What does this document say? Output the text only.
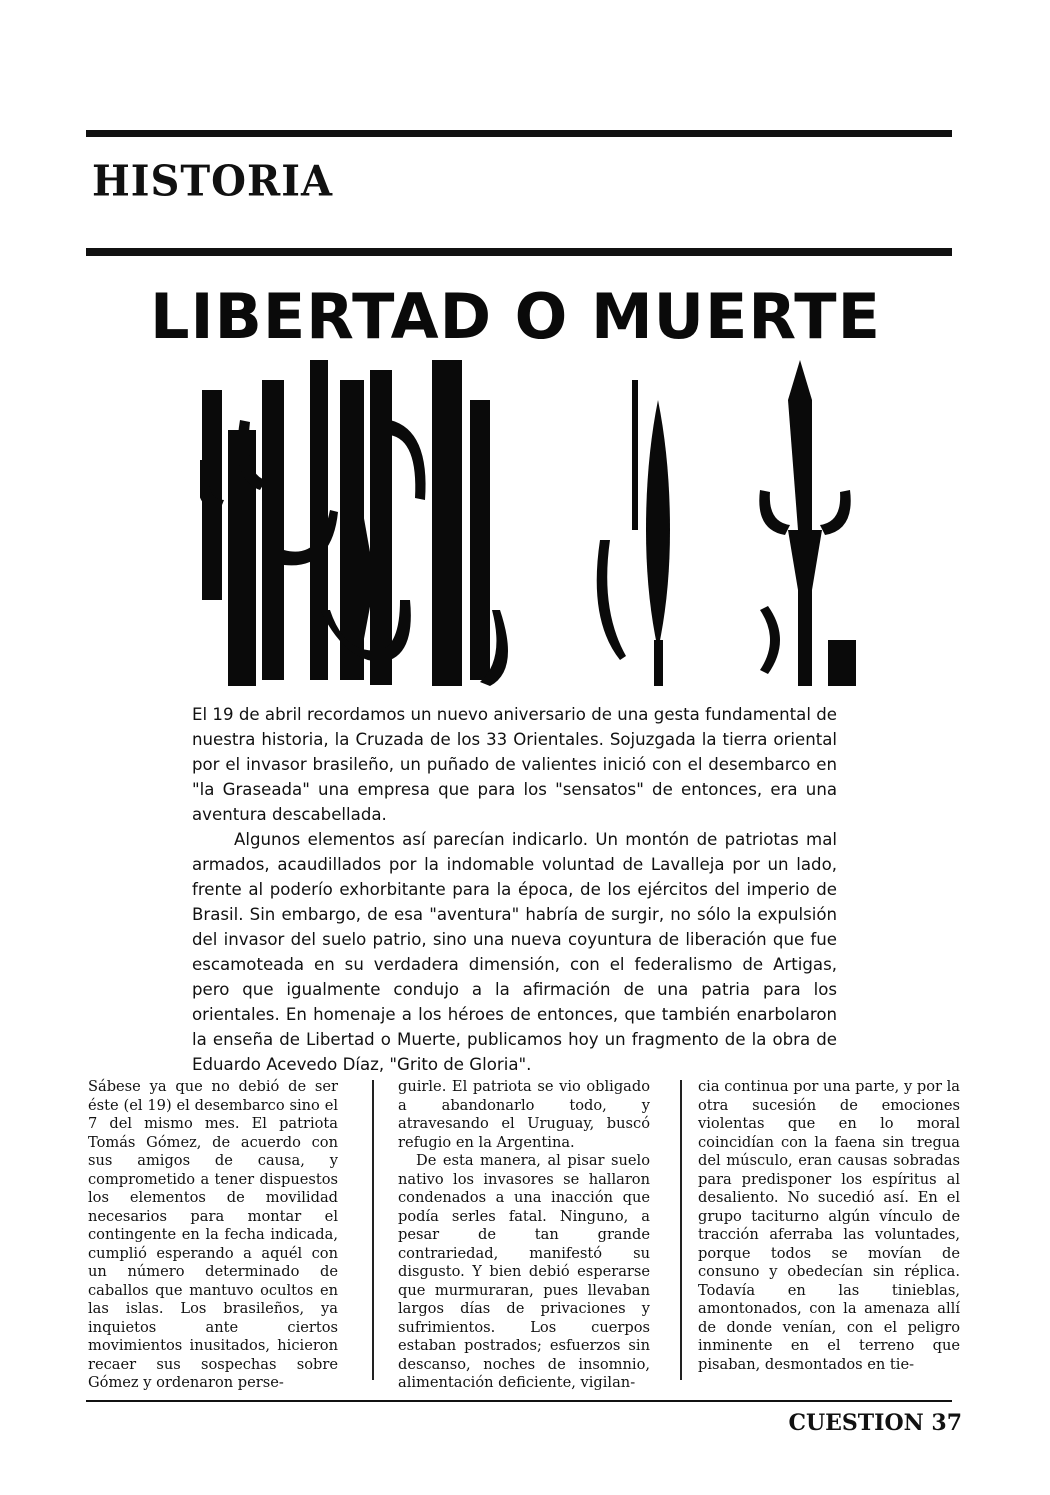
HISTORIA
LIBERTAD O MUERTE

El 19 de abril recordamos un nuevo aniversario de una gesta fundamental de nuestra historia, la Cruzada de los 33 Orientales. Sojuzgada la tierra oriental por el invasor brasileño, un puñado de valientes inició con el desembarco en "la Graseada" una empresa que para los "sensatos" de entonces, era una aventura descabellada.

Algunos elementos así parecían indicarlo. Un montón de patriotas mal armados, acaudillados por la indomable voluntad de Lavalleja por un lado, frente al poderío exhorbitante para la época, de los ejércitos del imperio de Brasil. Sin embargo, de esa "aventura" habría de surgir, no sólo la expulsión del invasor del suelo patrio, sino una nueva coyuntura de liberación que fue escamoteada en su verdadera dimensión, con el federalismo de Artigas, pero que igualmente condujo a la afirmación de una patria para los orientales. En homenaje a los héroes de entonces, que también enarbolaron la enseña de Libertad o Muerte, publicamos hoy un fragmento de la obra de Eduardo Acevedo Díaz, "Grito de Gloria".

Sábese ya que no debió de ser éste (el 19) el desembarco sino el 7 del mismo mes. El patriota Tomás Gómez, de acuerdo con sus amigos de causa, y comprometido a tener dispuestos los elementos de movilidad necesarios para montar el contingente en la fecha indicada, cumplió esperando a aquél con un número determinado de caballos que mantuvo ocultos en las islas. Los brasileños, ya inquietos ante ciertos movimientos inusitados, hicieron recaer sus sospechas sobre Gómez y ordenaron perse-

guirle. El patriota se vio obligado a abandonarlo todo, y atravesando el Uruguay, buscó refugio en la Argentina.

De esta manera, al pisar suelo nativo los invasores se hallaron condenados a una inacción que podía serles fatal. Ninguno, a pesar de tan grande contrariedad, manifestó su disgusto. Y bien debió esperarse que murmuraran, pues llevaban largos días de privaciones y sufrimientos. Los cuerpos estaban postrados; esfuerzos sin descanso, noches de insomnio, alimentación deficiente, vigilan-

cia continua por una parte, y por la otra sucesión de emociones violentas que en lo moral coincidían con la faena sin tregua del músculo, eran causas sobradas para predisponer los espíritus al desaliento. No sucedió así. En el grupo taciturno algún vínculo de tracción aferraba las voluntades, porque todos se movían de consuno y obedecían sin réplica. Todavía en las tinieblas, amontonados, con la amenaza allí de donde venían, con el peligro inminente en el terreno que pisaban, desmontados en tie-

CUESTION 37
